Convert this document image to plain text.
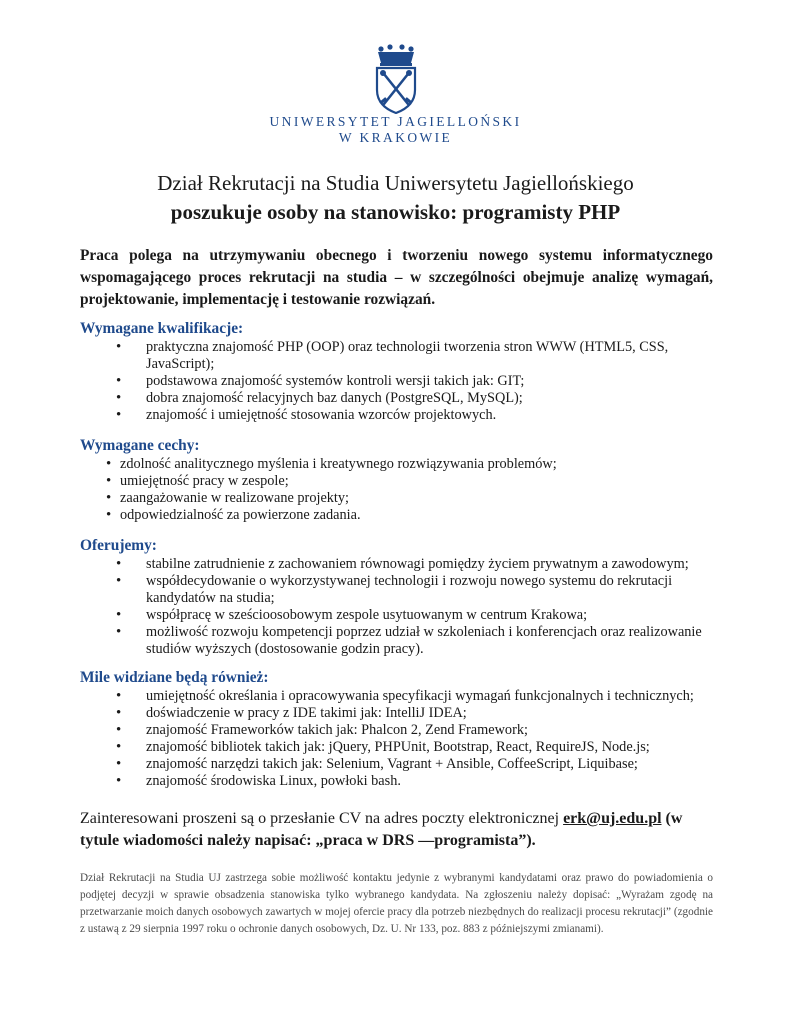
UNIWERSYTET JAGIELLOŃSKI
W KRAKOWIE
Dział Rekrutacji na Studia Uniwersytetu Jagiellońskiego
poszukuje osoby na stanowisko: programisty PHP
Praca polega na utrzymywaniu obecnego i tworzeniu nowego systemu informatycznego wspomagającego proces rekrutacji na studia – w szczególności obejmuje analizę wymagań, projektowanie, implementację i testowanie rozwiązań.
Wymagane kwalifikacje:
• praktyczna znajomość PHP (OOP) oraz technologii tworzenia stron WWW (HTML5, CSS, JavaScript);
• podstawowa znajomość systemów kontroli wersji takich jak: GIT;
• dobra znajomość relacyjnych baz danych (PostgreSQL, MySQL);
• znajomość i umiejętność stosowania wzorców projektowych.
Wymagane cechy:
• zdolność analitycznego myślenia i kreatywnego rozwiązywania problemów;
• umiejętność pracy w zespole;
• zaangażowanie w realizowane projekty;
• odpowiedzialność za powierzone zadania.
Oferujemy:
• stabilne zatrudnienie z zachowaniem równowagi pomiędzy życiem prywatnym a zawodowym;
• współdecydowanie o wykorzystywanej technologii i rozwoju nowego systemu do rekrutacji kandydatów na studia;
• współpracę w sześcioosobowym zespole usytuowanym w centrum Krakowa;
• możliwość rozwoju kompetencji poprzez udział w szkoleniach i konferencjach oraz realizowanie studiów wyższych (dostosowanie godzin pracy).
Mile widziane będą również:
• umiejętność określania i opracowywania specyfikacji wymagań funkcjonalnych i technicznych;
• doświadczenie w pracy z IDE takimi jak: IntelliJ IDEA;
• znajomość Frameworków takich jak: Phalcon 2, Zend Framework;
• znajomość bibliotek takich jak: jQuery, PHPUnit, Bootstrap, React, RequireJS, Node.js;
• znajomość narzędzi takich jak: Selenium, Vagrant + Ansible, CoffeeScript, Liquibase;
• znajomość środowiska Linux, powłoki bash.
Zainteresowani proszeni są o przesłanie CV na adres poczty elektronicznej erk@uj.edu.pl (w tytule wiadomości należy napisać: „praca w DRS —programista”).
Dział Rekrutacji na Studia UJ zastrzega sobie możliwość kontaktu jedynie z wybranymi kandydatami oraz prawo do powiadomienia o podjętej decyzji w sprawie obsadzenia stanowiska tylko wybranego kandydata. Na zgłoszeniu należy dopisać: „Wyrażam zgodę na przetwarzanie moich danych osobowych zawartych w mojej ofercie pracy dla potrzeb niezbędnych do realizacji procesu rekrutacji” (zgodnie z ustawą z 29 sierpnia 1997 roku o ochronie danych osobowych, Dz. U. Nr 133, poz. 883 z późniejszymi zmianami).
